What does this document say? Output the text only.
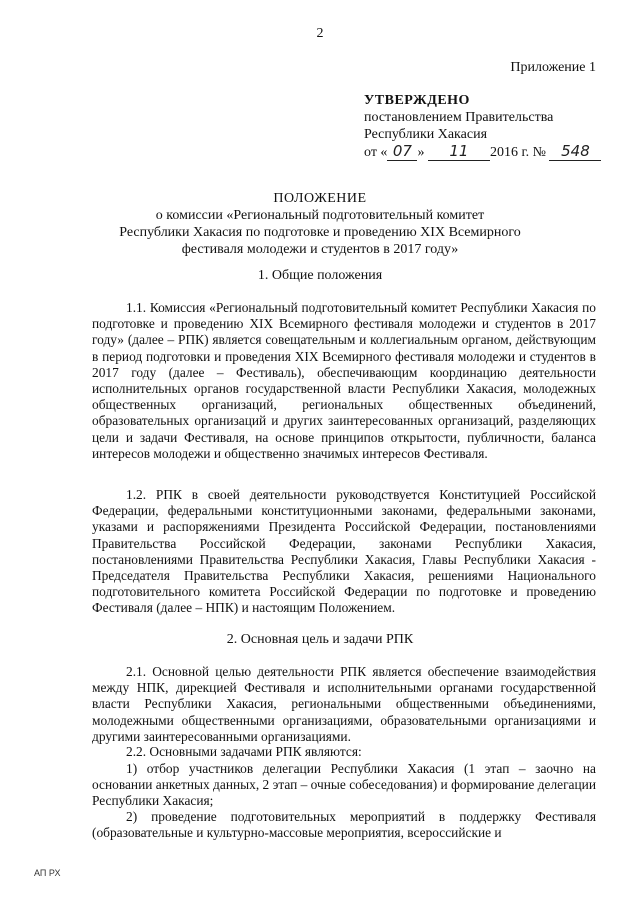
2
Приложение 1
УТВЕРЖДЕНО
постановлением Правительства
Республики Хакасия
от « 07 » 11 2016 г. № 548
ПОЛОЖЕНИЕ
о комиссии «Региональный подготовительный комитет
Республики Хакасия по подготовке и проведению XIX Всемирного
фестиваля молодежи и студентов в 2017 году»
1. Общие положения
1.1. Комиссия «Региональный подготовительный комитет Республики Хакасия по подготовке и проведению XIX Всемирного фестиваля молодежи и студентов в 2017 году» (далее – РПК) является совещательным и коллегиальным органом, действующим в период подготовки и проведения XIX Всемирного фестиваля молодежи и студентов в 2017 году (далее – Фестиваль), обеспечивающим координацию деятельности исполнительных органов государственной власти Республики Хакасия, молодежных общественных организаций, региональных общественных объединений, образовательных организаций и других заинтересованных организаций, разделяющих цели и задачи Фестиваля, на основе принципов открытости, публичности, баланса интересов молодежи и общественно значимых интересов Фестиваля.
1.2. РПК в своей деятельности руководствуется Конституцией Российской Федерации, федеральными конституционными законами, федеральными законами, указами и распоряжениями Президента Российской Федерации, постановлениями Правительства Российской Федерации, законами Республики Хакасия, постановлениями Правительства Республики Хакасия, Главы Республики Хакасия - Председателя Правительства Республики Хакасия, решениями Национального подготовительного комитета Российской Федерации по подготовке и проведению Фестиваля (далее – НПК) и настоящим Положением.
2. Основная цель и задачи РПК
2.1. Основной целью деятельности РПК является обеспечение взаимодействия между НПК, дирекцией Фестиваля и исполнительными органами государственной власти Республики Хакасия, региональными общественными объединениями, молодежными общественными организациями, образовательными организациями и другими заинтересованными организациями.
2.2. Основными задачами РПК являются:
1) отбор участников делегации Республики Хакасия (1 этап – заочно на основании анкетных данных, 2 этап – очные собеседования) и формирование делегации Республики Хакасия;
2) проведение подготовительных мероприятий в поддержку Фестиваля (образовательные и культурно-массовые мероприятия, всероссийские и
АП РХ
